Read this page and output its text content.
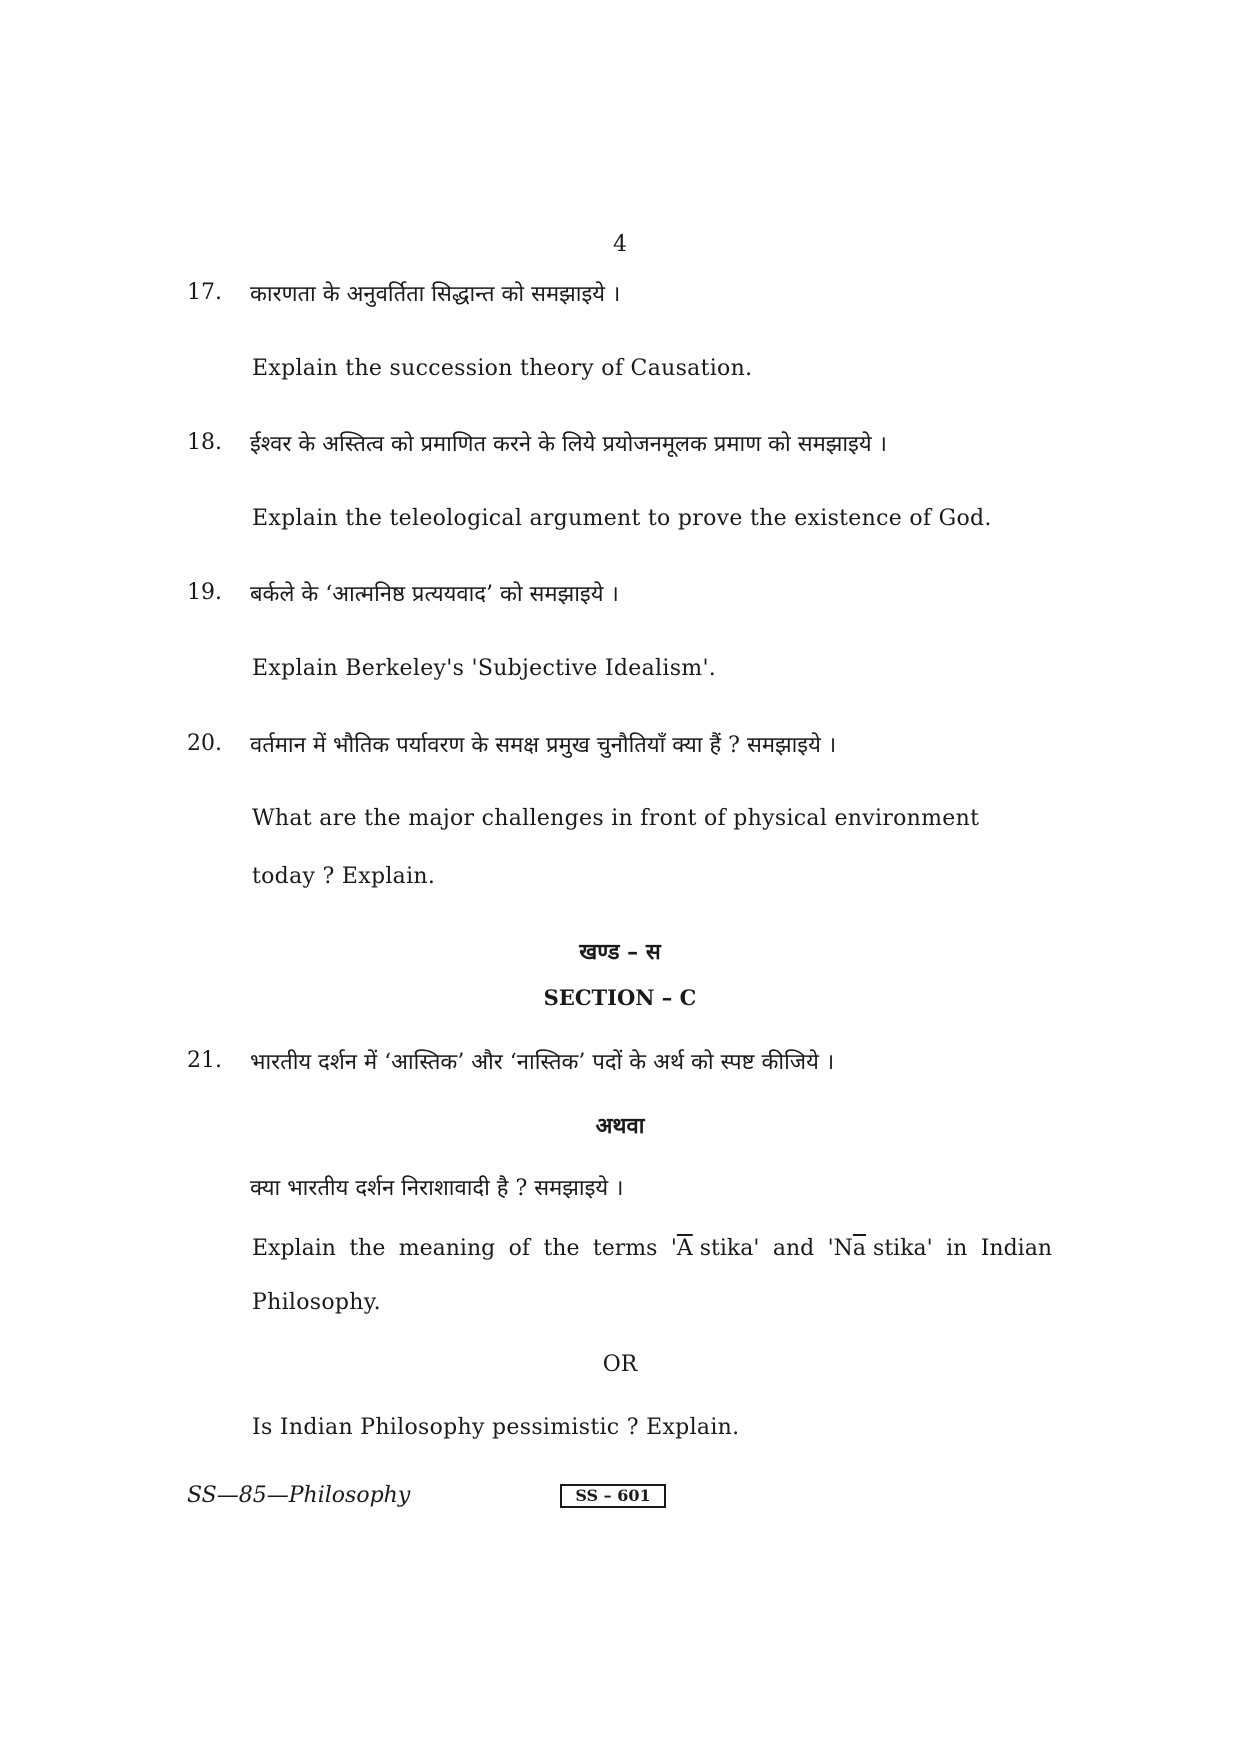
4
17. कारणता के अनुवर्तिता सिद्धान्त को समझाइये ।
Explain the succession theory of Causation.
18. ईश्वर के अस्तित्व को प्रमाणित करने के लिये प्रयोजनमूलक प्रमाण को समझाइये ।
Explain the teleological argument to prove the existence of God.
19. बर्कले के ‘आत्मनिष्ठ प्रत्ययवाद’ को समझाइये ।
Explain Berkeley's 'Subjective Idealism'.
20. वर्तमान में भौतिक पर्यावरण के समक्ष प्रमुख चुनौतियाँ क्या हैं ? समझाइये ।
What are the major challenges in front of physical environment
today ? Explain.
खण्ड – स
SECTION – C
21. भारतीय दर्शन में ‘आस्तिक’ और ‘नास्तिक’ पदों के अर्थ को स्पष्ट कीजिये ।
अथवा
क्या भारतीय दर्शन निराशावादी है ? समझाइये ।
Explain the meaning of the terms '$\overline{A}$ stika' and '$N\overline{a}$ stika' in Indian
Philosophy.
OR
Is Indian Philosophy pessimistic ? Explain.
SS—85—Philosophy	SS – 601
